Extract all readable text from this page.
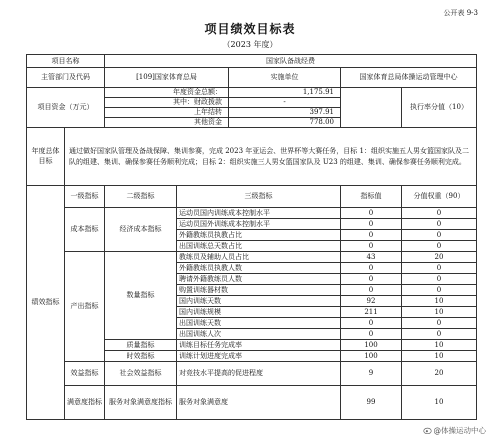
公开表 9-3
项目绩效目标表
（2023 年度）
项目名称		国家队备战经费				
主管部门及代码		[109]国家体育总局		实施单位	国家体育总局体操运动管理中心	
项目资金（万元）		年度资金总额：		1,175.91		执行率分值（10）
		其中：财政拨款		-		
		上年结转		397.91		
		其他资金		778.00		
年度总体目标	通过做好国家队管理及备战保障、集训参赛，完成 2023 年亚运会、世界杯等大赛任务，目标 1：组织实施五人男女篮国家队及二队的组建、集训、确保参赛任务顺利完成；目标 2：组织实施三人男女篮国家队及 U23 的组建、集训、确保参赛任务顺利完成。					
绩效指标	一级指标	二级指标	三级指标		指标值	分值权重（90）
	成本指标	经济成本指标	运动员国内训练成本控制水平		0	0
			运动员国外训练成本控制水平		0	0
			外籍教练员执教占比		0	0
			出国训练总天数占比		0	0
	产出指标	数量指标	教练员及辅助人员占比		43	20
			外籍教练员执教人数		0	0
			聘请外籍教练员人数		0	0
			购置训练器材数		0	0
			国内训练天数		92	10
			国内训练规模		211	10
			出国训练天数		0	0
			出国训练人次		0	0
		质量指标	训练目标任务完成率		100	10
		时效指标	训练计划进度完成率		100	10
	效益指标	社会效益指标	对竞技水平提高的促进程度		9	20
	满意度指标	服务对象满意度指标	服务对象满意度		99	10
@体操运动中心
